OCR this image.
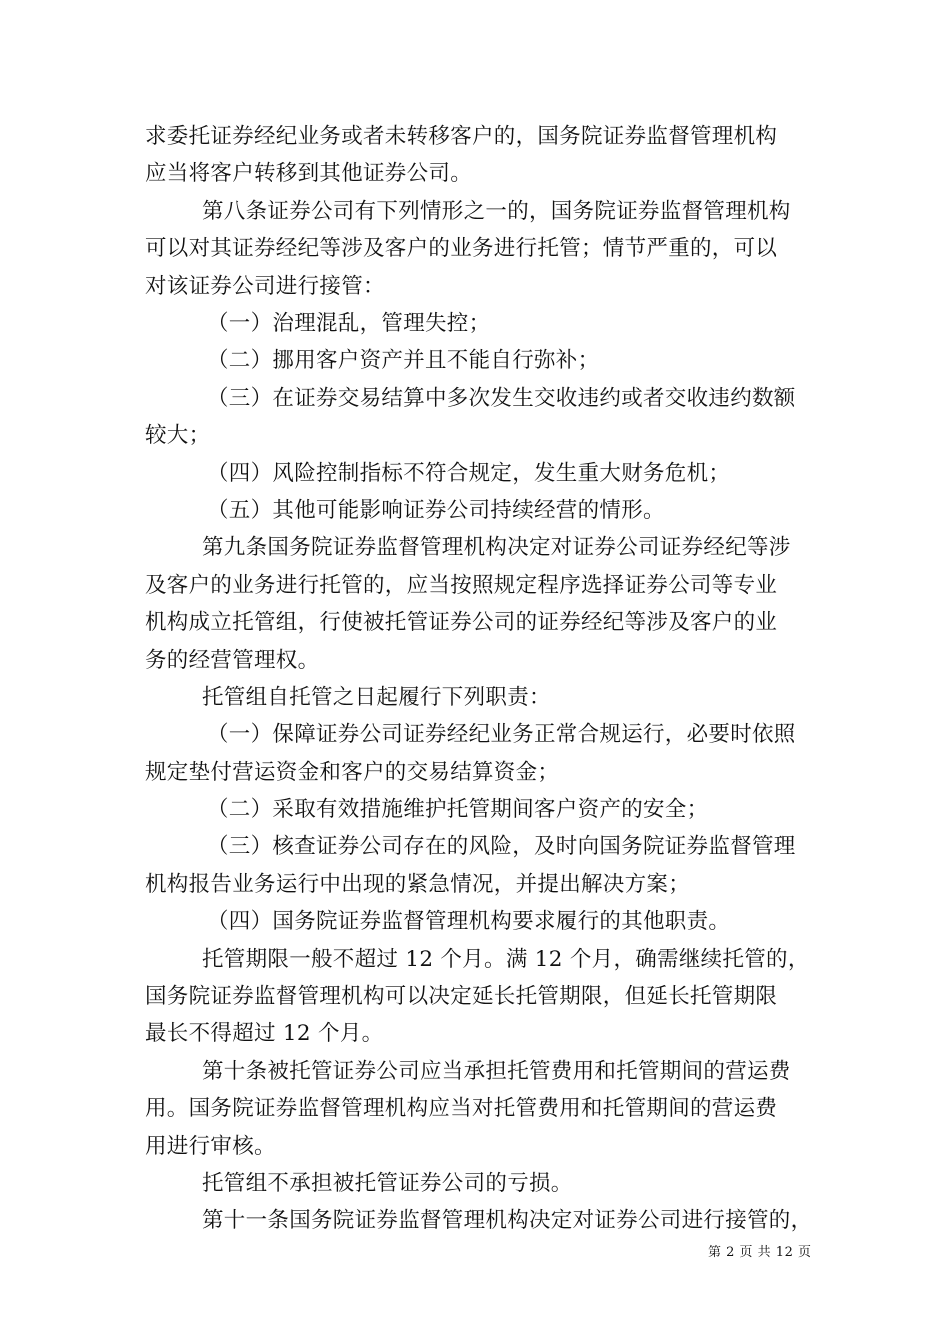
求委托证券经纪业务或者未转移客户的，国务院证券监督管理机构
应当将客户转移到其他证券公司。
第八条证券公司有下列情形之一的，国务院证券监督管理机构
可以对其证券经纪等涉及客户的业务进行托管；情节严重的，可以
对该证券公司进行接管：
（一）治理混乱，管理失控；
（二）挪用客户资产并且不能自行弥补；
（三）在证券交易结算中多次发生交收违约或者交收违约数额
较大；
（四）风险控制指标不符合规定，发生重大财务危机；
（五）其他可能影响证券公司持续经营的情形。
第九条国务院证券监督管理机构决定对证券公司证券经纪等涉
及客户的业务进行托管的，应当按照规定程序选择证券公司等专业
机构成立托管组，行使被托管证券公司的证券经纪等涉及客户的业
务的经营管理权。
托管组自托管之日起履行下列职责：
（一）保障证券公司证券经纪业务正常合规运行，必要时依照
规定垫付营运资金和客户的交易结算资金；
（二）采取有效措施维护托管期间客户资产的安全；
（三）核查证券公司存在的风险，及时向国务院证券监督管理
机构报告业务运行中出现的紧急情况，并提出解决方案；
（四）国务院证券监督管理机构要求履行的其他职责。
托管期限一般不超过 12 个月。满 12 个月，确需继续托管的，
国务院证券监督管理机构可以决定延长托管期限，但延长托管期限
最长不得超过 12 个月。
第十条被托管证券公司应当承担托管费用和托管期间的营运费
用。国务院证券监督管理机构应当对托管费用和托管期间的营运费
用进行审核。
托管组不承担被托管证券公司的亏损。
第十一条国务院证券监督管理机构决定对证券公司进行接管的，
第 2 页 共 12 页
